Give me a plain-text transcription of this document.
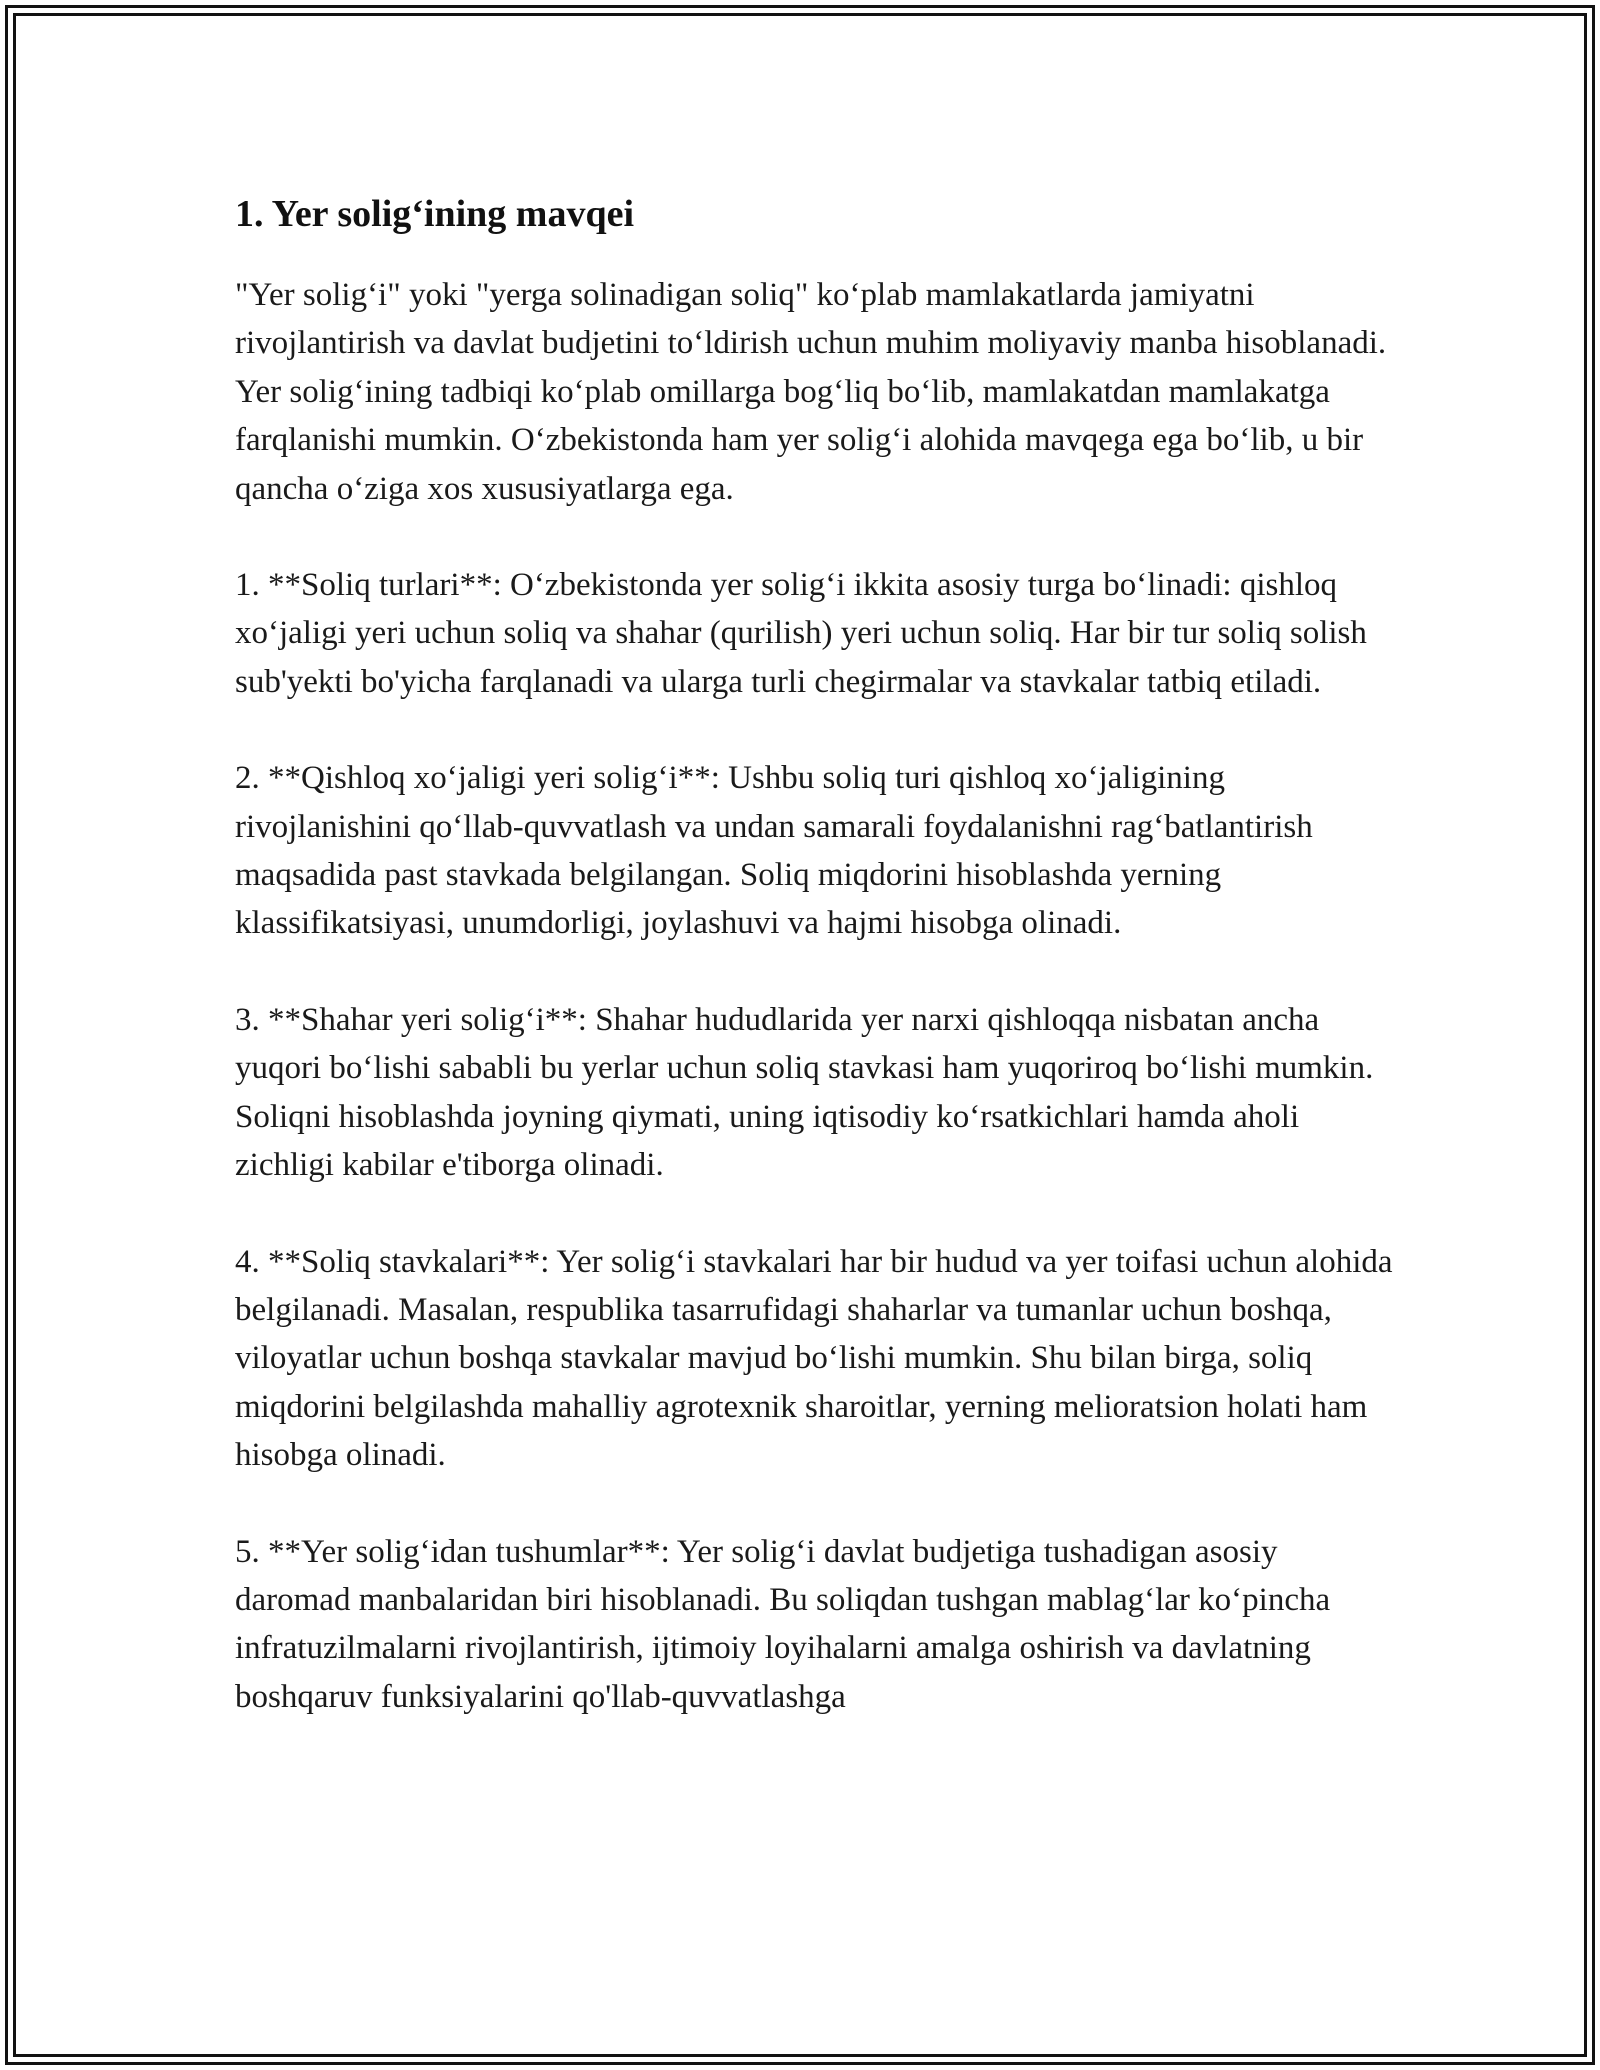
1. Yer solig‘ining mavqei

"Yer solig‘i" yoki "yerga solinadigan soliq" ko‘plab mamlakatlarda jamiyatni rivojlantirish va davlat budjetini to‘ldirish uchun muhim moliyaviy manba hisoblanadi. Yer solig‘ining tadbiqi ko‘plab omillarga bog‘liq bo‘lib, mamlakatdan mamlakatga farqlanishi mumkin. O‘zbekistonda ham yer solig‘i alohida mavqega ega bo‘lib, u bir qancha o‘ziga xos xususiyatlarga ega.

1. **Soliq turlari**: O‘zbekistonda yer solig‘i ikkita asosiy turga bo‘linadi: qishloq xo‘jaligi yeri uchun soliq va shahar (qurilish) yeri uchun soliq. Har bir tur soliq solish sub'yekti bo'yicha farqlanadi va ularga turli chegirmalar va stavkalar tatbiq etiladi.

2. **Qishloq xo‘jaligi yeri solig‘i**: Ushbu soliq turi qishloq xo‘jaligining rivojlanishini qo‘llab-quvvatlash va undan samarali foydalanishni rag‘batlantirish maqsadida past stavkada belgilangan. Soliq miqdorini hisoblashda yerning klassifikatsiyasi, unumdorligi, joylashuvi va hajmi hisobga olinadi.

3. **Shahar yeri solig‘i**: Shahar hududlarida yer narxi qishloqqa nisbatan ancha yuqori bo‘lishi sababli bu yerlar uchun soliq stavkasi ham yuqoriroq bo‘lishi mumkin. Soliqni hisoblashda joyning qiymati, uning iqtisodiy ko‘rsatkichlari hamda aholi zichligi kabilar e'tiborga olinadi.

4. **Soliq stavkalari**: Yer solig‘i stavkalari har bir hudud va yer toifasi uchun alohida belgilanadi. Masalan, respublika tasarrufidagi shaharlar va tumanlar uchun boshqa, viloyatlar uchun boshqa stavkalar mavjud bo‘lishi mumkin. Shu bilan birga, soliq miqdorini belgilashda mahalliy agrotexnik sharoitlar, yerning melioratsion holati ham hisobga olinadi.

5. **Yer solig‘idan tushumlar**: Yer solig‘i davlat budjetiga tushadigan asosiy daromad manbalaridan biri hisoblanadi. Bu soliqdan tushgan mablag‘lar ko‘pincha infratuzilmalarni rivojlantirish, ijtimoiy loyihalarni amalga oshirish va davlatning boshqaruv funksiyalarini qo'llab-quvvatlashga
